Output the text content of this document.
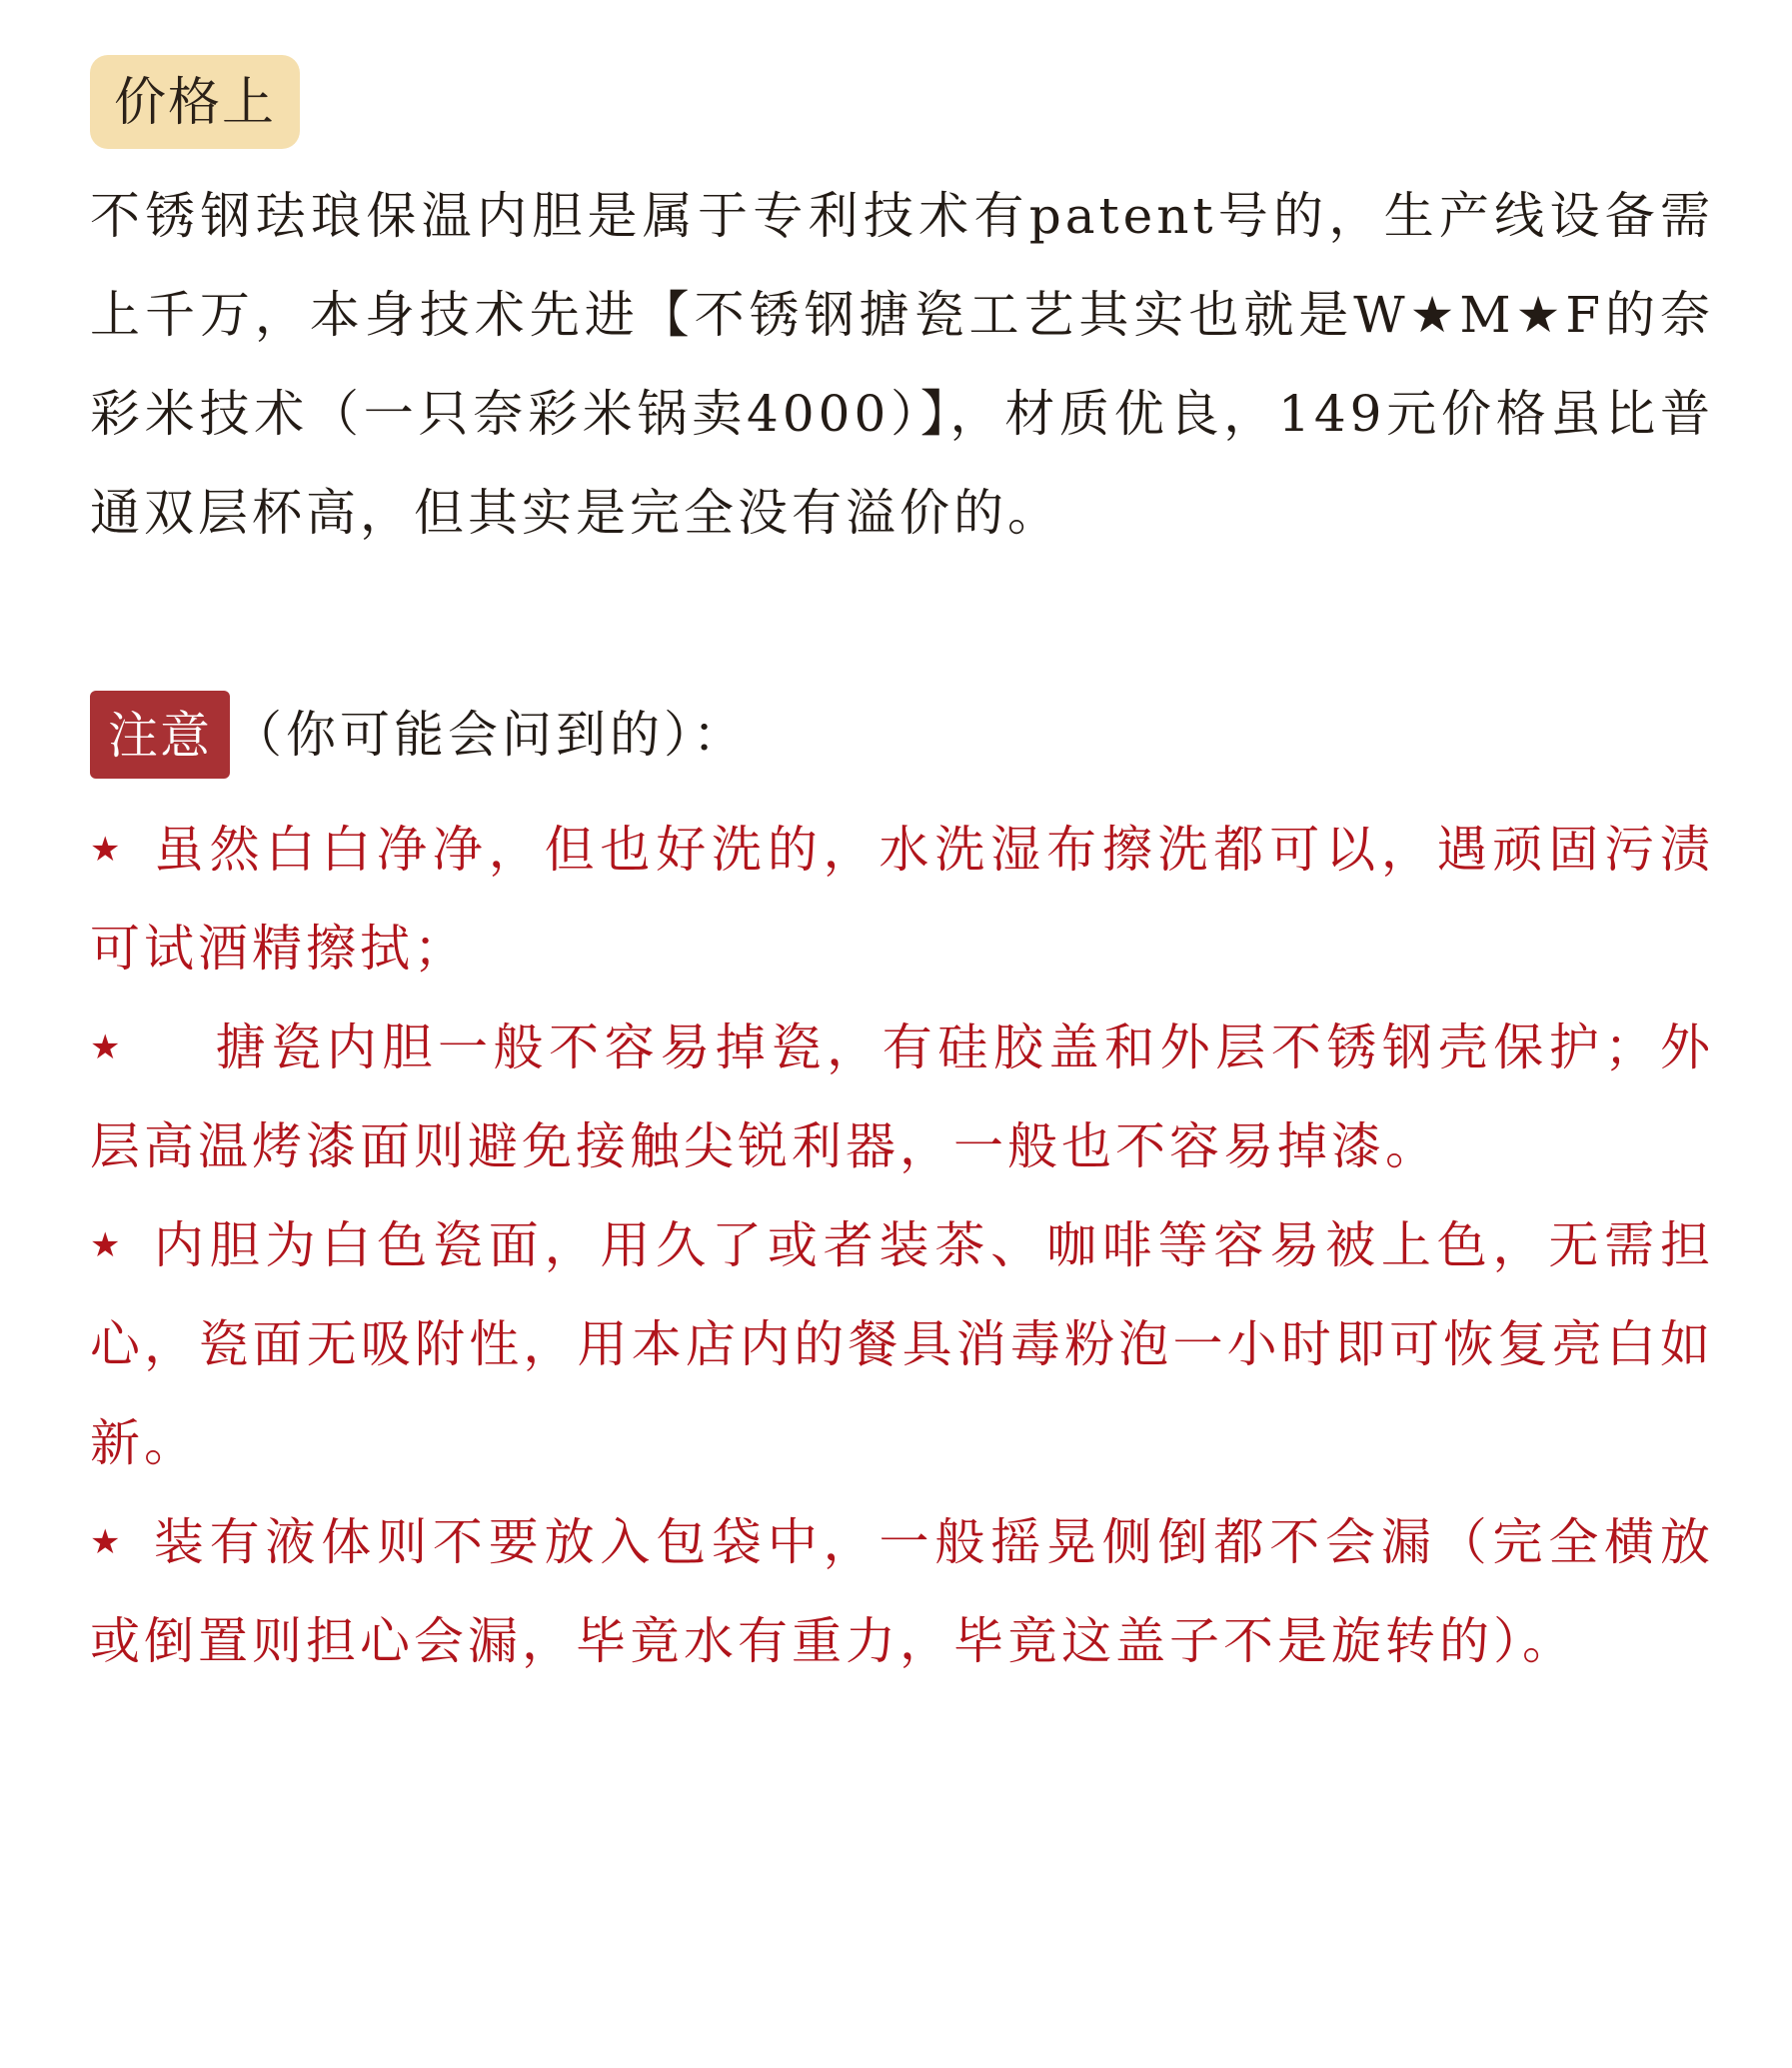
价格上

不锈钢珐琅保温内胆是属于专利技术有patent号的，生产线设备需上千万，本身技术先进【不锈钢搪瓷工艺其实也就是W★M★F的奈彩米技术（一只奈彩米锅卖4000）】，材质优良，149元价格虽比普通双层杯高，但其实是完全没有溢价的。

注意 （你可能会问到的）：
★ 虽然白白净净，但也好洗的，水洗湿布擦洗都可以，遇顽固污渍可试酒精擦拭；
★ 搪瓷内胆一般不容易掉瓷，有硅胶盖和外层不锈钢壳保护；外层高温烤漆面则避免接触尖锐利器，一般也不容易掉漆。
★ 内胆为白色瓷面，用久了或者装茶、咖啡等容易被上色，无需担心，瓷面无吸附性，用本店内的餐具消毒粉泡一小时即可恢复亮白如新。
★ 装有液体则不要放入包袋中，一般摇晃侧倒都不会漏（完全横放或倒置则担心会漏，毕竟水有重力，毕竟这盖子不是旋转的）。
